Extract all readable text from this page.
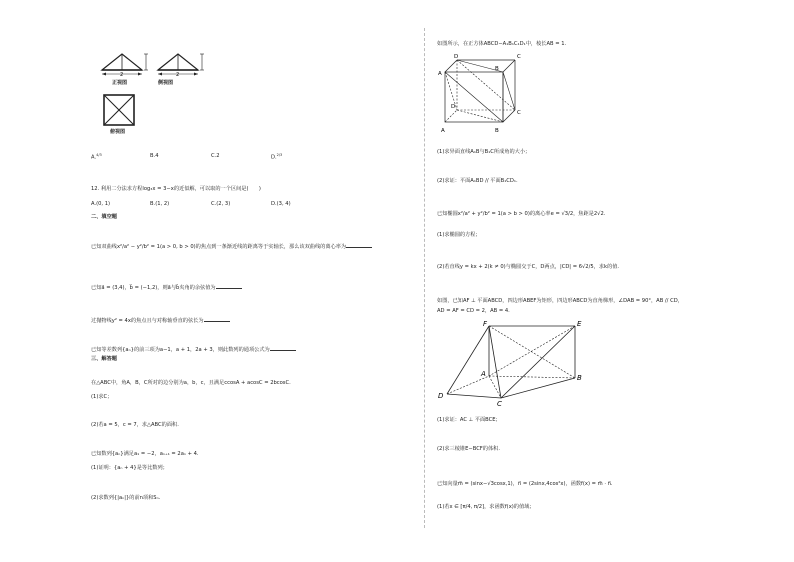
2
正视图
2
侧视图
俯视图
A.$^{4/3}$	B.4	C.2	D.$^{2/3}$
12. 利用二分法求方程log₃x = 3−x的近似解，可以取的一个区间是(　　)
A.(0, 1)	B.(1, 2)	C.(2, 3)	D.(3, 4)
二、填空题
已知双曲线x²/a² − y²/b² = 1(a > 0, b > 0)的焦点到一条渐近线的距离等于实轴长，那么该双曲线的离心率为
已知a⃗ = (3,4)，b⃗ = (−1,2)，则a⃗与b⃗夹角的余弦值为
过抛物线y² = 4x的焦点且与对称轴垂直的弦长为
已知等差数列{aₙ}的前三项为a−1，a + 1，2a + 3，则此数列的通项公式为
三、解答题
在△ABC中，角A，B，C所对的边分别为a，b，c，且满足ccosA + acosC = 2bcosC.
(1)求C；
(2)若a = 5，c = 7，求△ABC的面积.
已知数列{aₙ}满足a₁ = −2，aₙ₊₁ = 2aₙ + 4.
(1)证明：{aₙ + 4}是等比数列；
(2)求数列{|aₙ|}的前n项和Sₙ.
如图所示，在正方体ABCD−A₁B₁C₁D₁中，棱长AB = 1.
D	C
A
B
D
C
A	B
(1)求异面直线A₁B与B₁C所成角的大小；
(2)求证：平面A₁BD // 平面B₁CD₁.
已知椭圆x²/a² + y²/b² = 1(a > b > 0)的离心率e = √3/2，焦距是2√2.
(1)求椭圆的方程；
(2)若直线y = kx + 2(k ≠ 0)与椭圆交于C，D两点，|CD| = 6√2/5，求k的值.
如图，已知AF ⊥ 平面ABCD，四边形ABEF为矩形，四边形ABCD为直角梯形，∠DAB = 90°，AB // CD，
AD = AF = CD = 2，AB = 4.
F	E
A	B
D
C
(1)求证：AC ⊥ 平面BCE；
(2)求三棱锥E−BCF的体积.
已知向量m⃗ = (sinx−√3cosx,1)，n⃗ = (2sinx,4cos²x)，函数f(x) = m⃗ · n⃗.
(1)若x ∈ [π/4, π/2]，求函数f(x)的值域；
